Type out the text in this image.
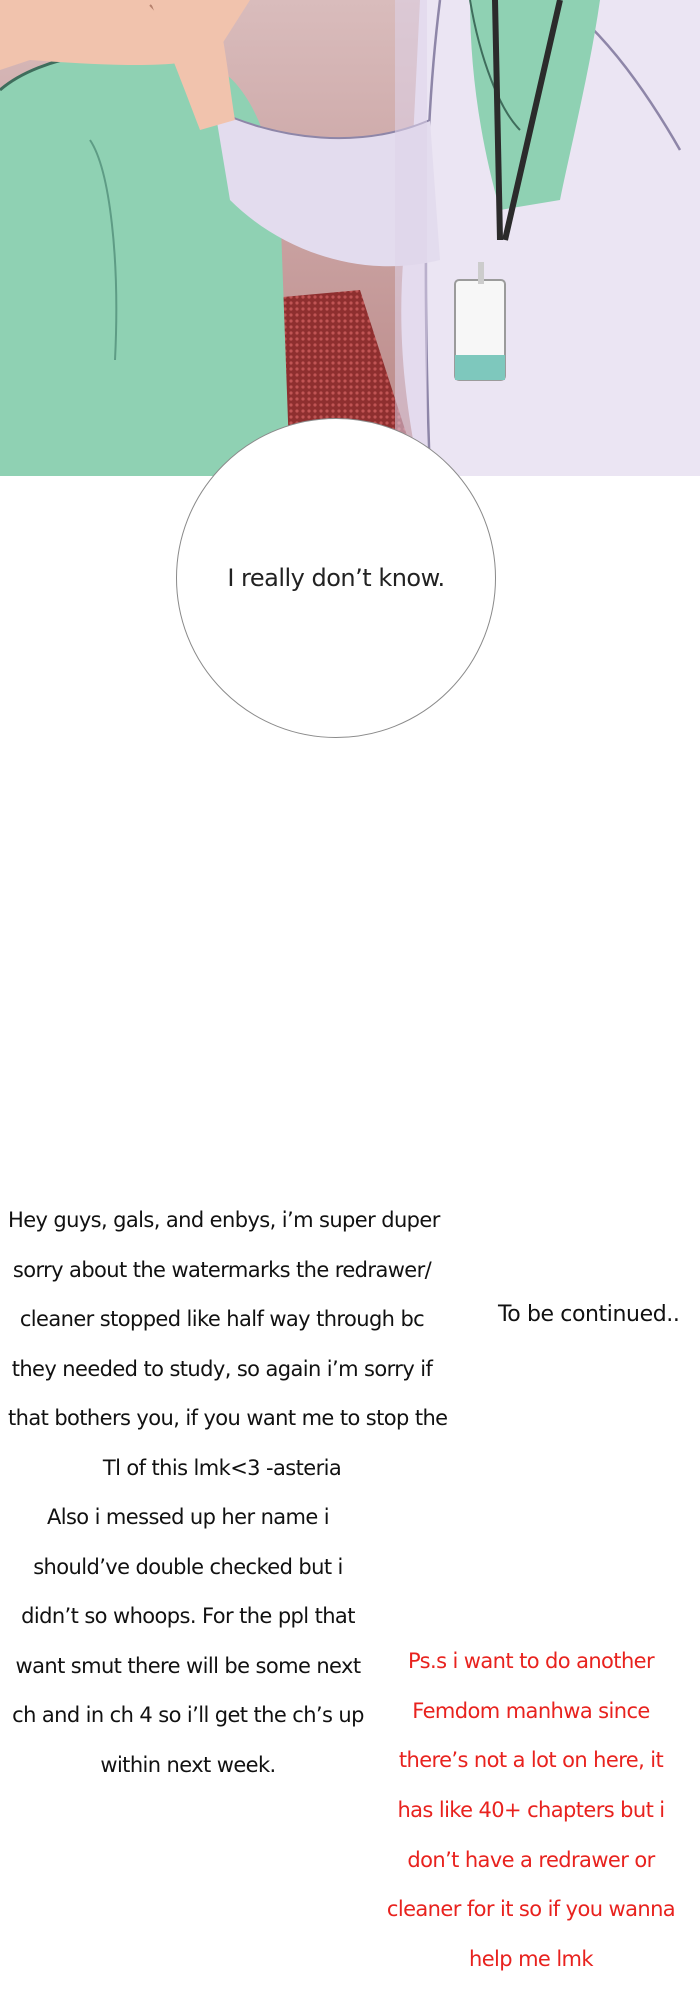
I really don’t know.
Hey guys, gals, and enbys, i’m super duper
sorry about the watermarks the redrawer/
cleaner stopped like half way through bc
they needed to study, so again i’m sorry if
that bothers you, if you want me to stop the
Tl of this lmk<3 -asteria
Also i messed up her name i
should’ve double checked but i
didn’t so whoops. For the ppl that
want smut there will be some next
ch and in ch 4 so i’ll get the ch’s up
within next week.
To be continued..
Ps.s i want to do another
Femdom manhwa since
there’s not a lot on here, it
has like 40+ chapters but i
don’t have a redrawer or
cleaner for it so if you wanna
help me lmk
